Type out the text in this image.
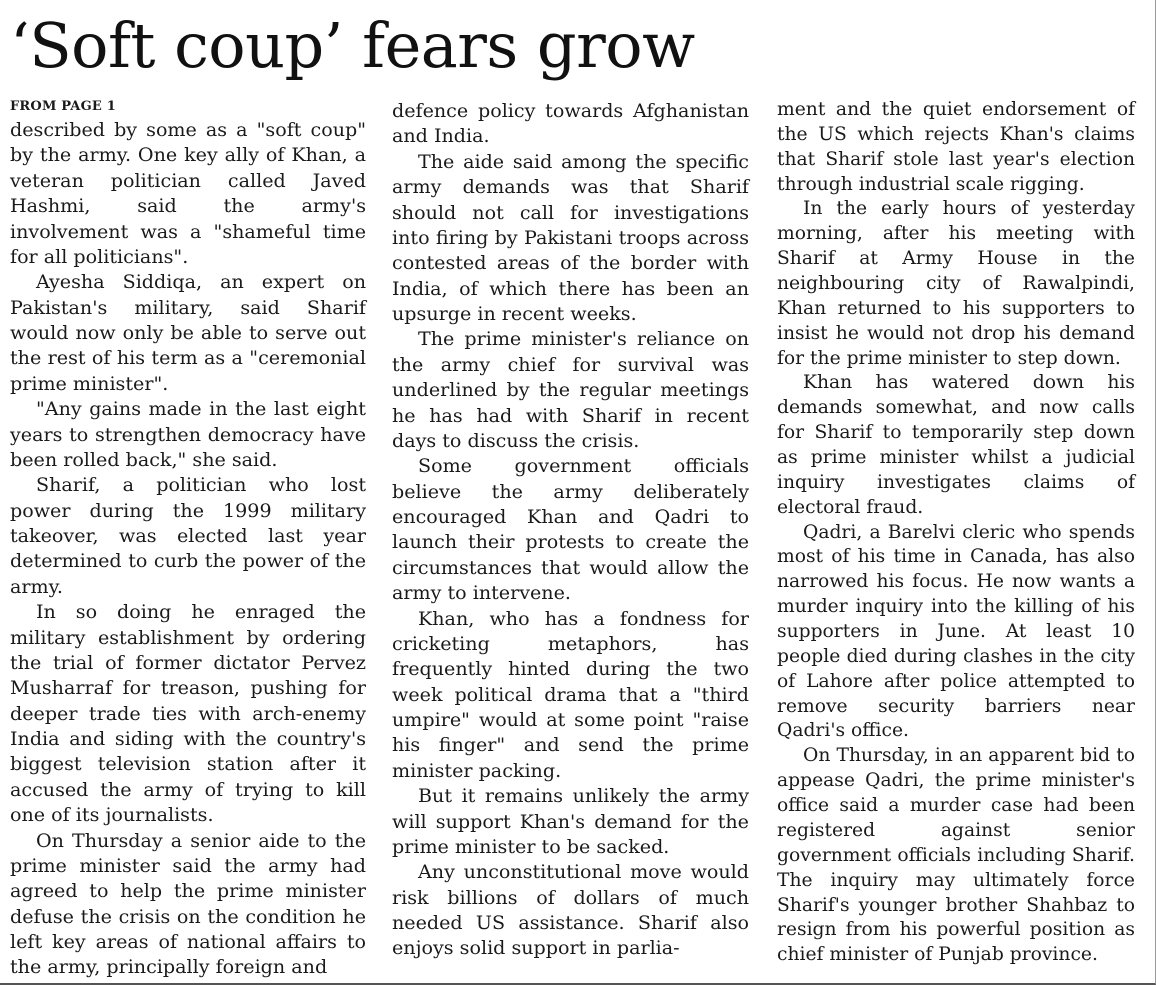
‘Soft coup’ fears grow
FROM PAGE 1

described by some as a "soft coup" by the army. One key ally of Khan, a veteran politician called Javed Hashmi, said the army's involvement was a "shameful time for all politicians".

Ayesha Siddiqa, an expert on Pakistan's military, said Sharif would now only be able to serve out the rest of his term as a "ceremonial prime minister".

"Any gains made in the last eight years to strengthen democracy have been rolled back," she said.

Sharif, a politician who lost power during the 1999 military takeover, was elected last year determined to curb the power of the army.

In so doing he enraged the military establishment by ordering the trial of former dictator Pervez Musharraf for treason, pushing for deeper trade ties with arch-enemy India and siding with the country's biggest television station after it accused the army of trying to kill one of its journalists.

On Thursday a senior aide to the prime minister said the army had agreed to help the prime minister defuse the crisis on the condition he left key areas of national affairs to the army, principally foreign and

defence policy towards Afghanistan and India.

The aide said among the specific army demands was that Sharif should not call for investigations into firing by Pakistani troops across contested areas of the border with India, of which there has been an upsurge in recent weeks.

The prime minister's reliance on the army chief for survival was underlined by the regular meetings he has had with Sharif in recent days to discuss the crisis.

Some government officials believe the army deliberately encouraged Khan and Qadri to launch their protests to create the circumstances that would allow the army to intervene.

Khan, who has a fondness for cricketing metaphors, has frequently hinted during the two week political drama that a "third umpire" would at some point "raise his finger" and send the prime minister packing.

But it remains unlikely the army will support Khan's demand for the prime minister to be sacked.

Any unconstitutional move would risk billions of dollars of much needed US assistance. Sharif also enjoys solid support in parlia-

ment and the quiet endorsement of the US which rejects Khan's claims that Sharif stole last year's election through industrial scale rigging.

In the early hours of yesterday morning, after his meeting with Sharif at Army House in the neighbouring city of Rawalpindi, Khan returned to his supporters to insist he would not drop his demand for the prime minister to step down.

Khan has watered down his demands somewhat, and now calls for Sharif to temporarily step down as prime minister whilst a judicial inquiry investigates claims of electoral fraud.

Qadri, a Barelvi cleric who spends most of his time in Canada, has also narrowed his focus. He now wants a murder inquiry into the killing of his supporters in June. At least 10 people died during clashes in the city of Lahore after police attempted to remove security barriers near Qadri's office.

On Thursday, in an apparent bid to appease Qadri, the prime minister's office said a murder case had been registered against senior government officials including Sharif. The inquiry may ultimately force Sharif's younger brother Shahbaz to resign from his powerful position as chief minister of Punjab province.
